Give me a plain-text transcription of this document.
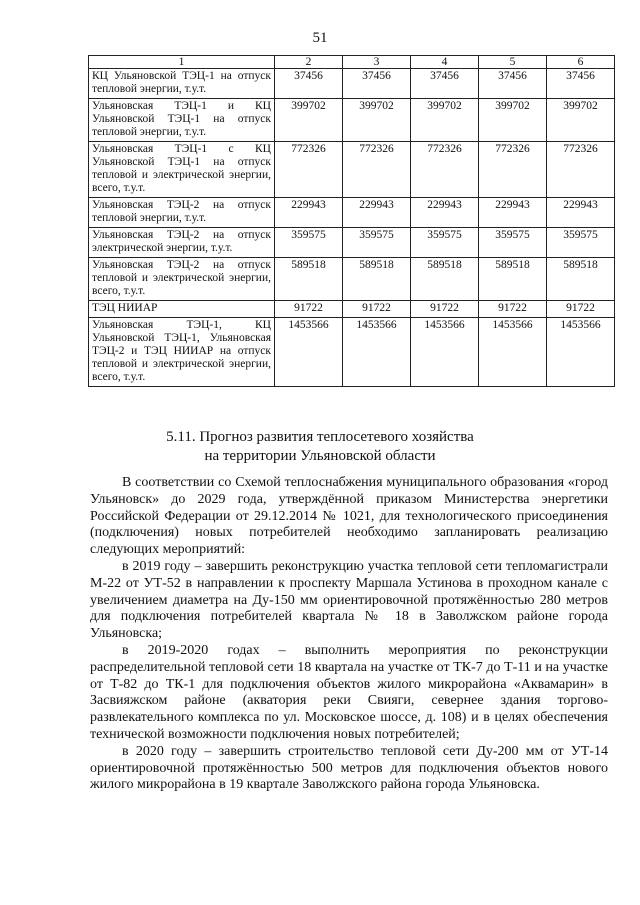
51
1	2	3	4	5	6
КЦ Ульяновской ТЭЦ-1 на отпуск тепловой энергии, т.у.т.	37456	37456	37456	37456	37456
Ульяновская ТЭЦ-1 и КЦ Ульяновской ТЭЦ-1 на отпуск тепловой энергии, т.у.т.	399702	399702	399702	399702	399702
Ульяновская ТЭЦ-1 с КЦ Ульяновской ТЭЦ-1 на отпуск тепловой и электрической энергии, всего, т.у.т.	772326	772326	772326	772326	772326
Ульяновская ТЭЦ-2 на отпуск тепловой энергии, т.у.т.	229943	229943	229943	229943	229943
Ульяновская ТЭЦ-2 на отпуск электрической энергии, т.у.т.	359575	359575	359575	359575	359575
Ульяновская ТЭЦ-2 на отпуск тепловой и электрической энергии, всего, т.у.т.	589518	589518	589518	589518	589518
ТЭЦ НИИАР	91722	91722	91722	91722	91722
Ульяновская ТЭЦ-1, КЦ Ульяновской ТЭЦ-1, Ульяновская ТЭЦ-2 и ТЭЦ НИИАР на отпуск тепловой и электрической энергии, всего, т.у.т.	1453566	1453566	1453566	1453566	1453566
5.11. Прогноз развития теплосетевого хозяйства
на территории Ульяновской области

В соответствии со Схемой теплоснабжения муниципального образования «город Ульяновск» до 2029 года, утверждённой приказом Министерства энергетики Российской Федерации от 29.12.2014 № 1021, для технологического присоединения (подключения) новых потребителей необходимо запланировать реализацию следующих мероприятий:

в 2019 году – завершить реконструкцию участка тепловой сети тепломагистрали М-22 от УТ-52 в направлении к проспекту Маршала Устинова в проходном канале с увеличением диаметра на Ду-150 мм ориентировочной протяжённостью 280 метров для подключения потребителей квартала № 18 в Заволжском районе города Ульяновска;

в 2019-2020 годах – выполнить мероприятия по реконструкции распределительной тепловой сети 18 квартала на участке от ТК-7 до Т-11 и на участке от Т-82 до ТК-1 для подключения объектов жилого микрорайона «Аквамарин» в Засвияжском районе (акватория реки Свияги, севернее здания торгово-развлекательного комплекса по ул. Московское шоссе, д. 108) и в целях обеспечения технической возможности подключения новых потребителей;

в 2020 году – завершить строительство тепловой сети Ду-200 мм от УТ-14 ориентировочной протяжённостью 500 метров для подключения объектов нового жилого микрорайона в 19 квартале Заволжского района города Ульяновска.
